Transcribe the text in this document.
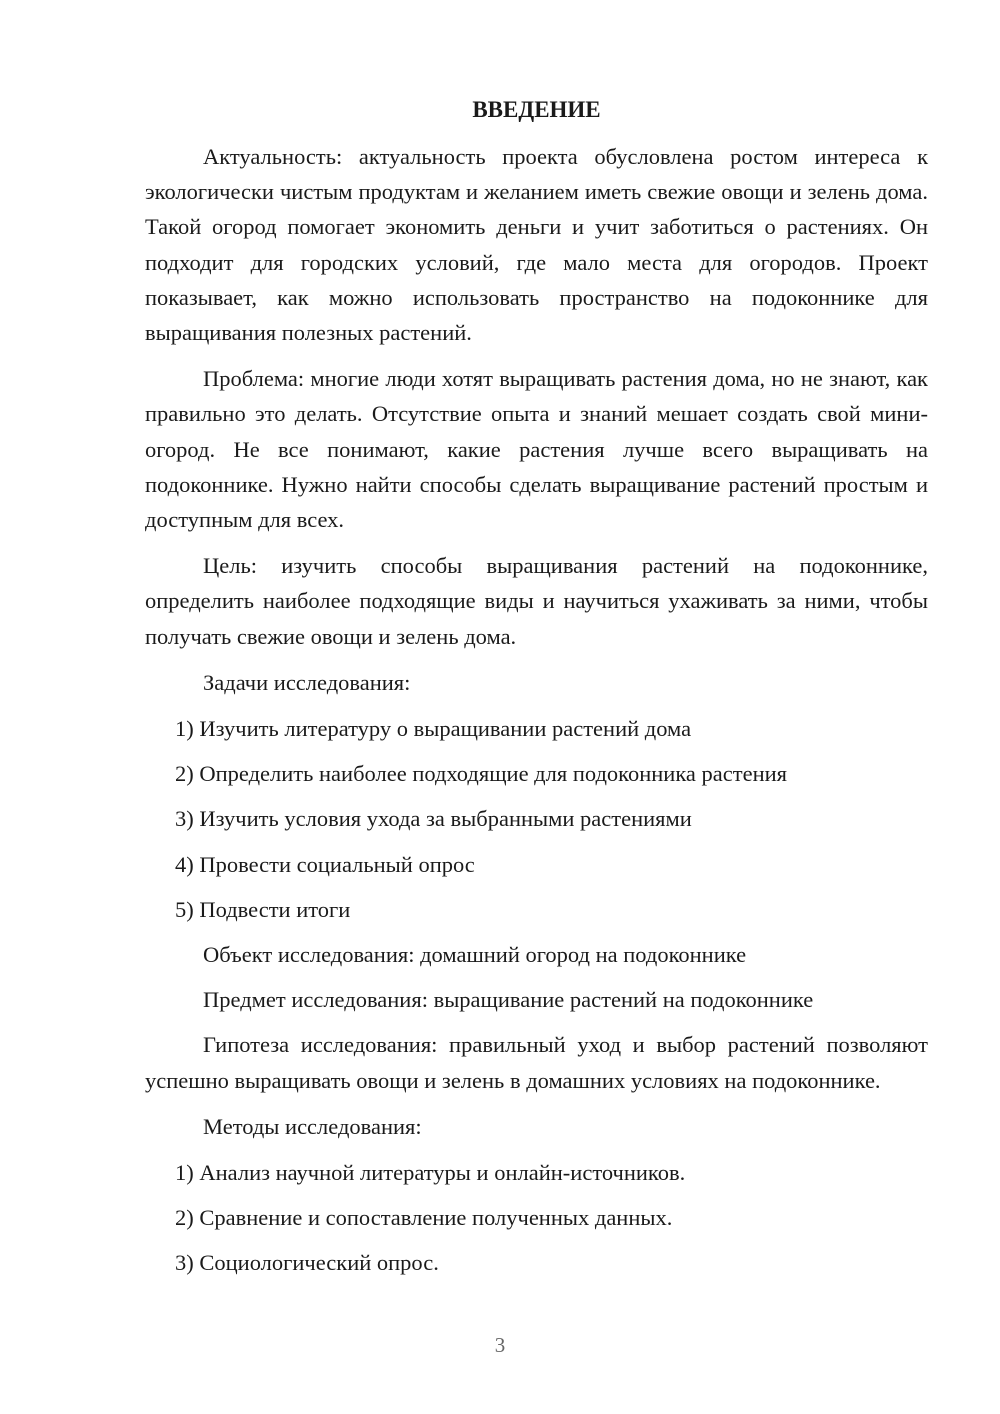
ВВЕДЕНИЕ

Актуальность: актуальность проекта обусловлена ростом интереса к экологически чистым продуктам и желанием иметь свежие овощи и зелень дома. Такой огород помогает экономить деньги и учит заботиться о растениях. Он подходит для городских условий, где мало места для огородов. Проект показывает, как можно использовать пространство на подоконнике для выращивания полезных растений.

Проблема: многие люди хотят выращивать растения дома, но не знают, как правильно это делать. Отсутствие опыта и знаний мешает создать свой мини-огород. Не все понимают, какие растения лучше всего выращивать на подоконнике. Нужно найти способы сделать выращивание растений простым и доступным для всех.

Цель: изучить способы выращивания растений на подоконнике, определить наиболее подходящие виды и научиться ухаживать за ними, чтобы получать свежие овощи и зелень дома.

Задачи исследования:

1) Изучить литературу о выращивании растений дома
2) Определить наиболее подходящие для подоконника растения
3) Изучить условия ухода за выбранными растениями
4) Провести социальный опрос
5) Подвести итоги

Объект исследования: домашний огород на подоконнике

Предмет исследования: выращивание растений на подоконнике

Гипотеза исследования: правильный уход и выбор растений позволяют успешно выращивать овощи и зелень в домашних условиях на подоконнике.

Методы исследования:

1) Анализ научной литературы и онлайн-источников.
2) Сравнение и сопоставление полученных данных.
3) Социологический опрос.
3
